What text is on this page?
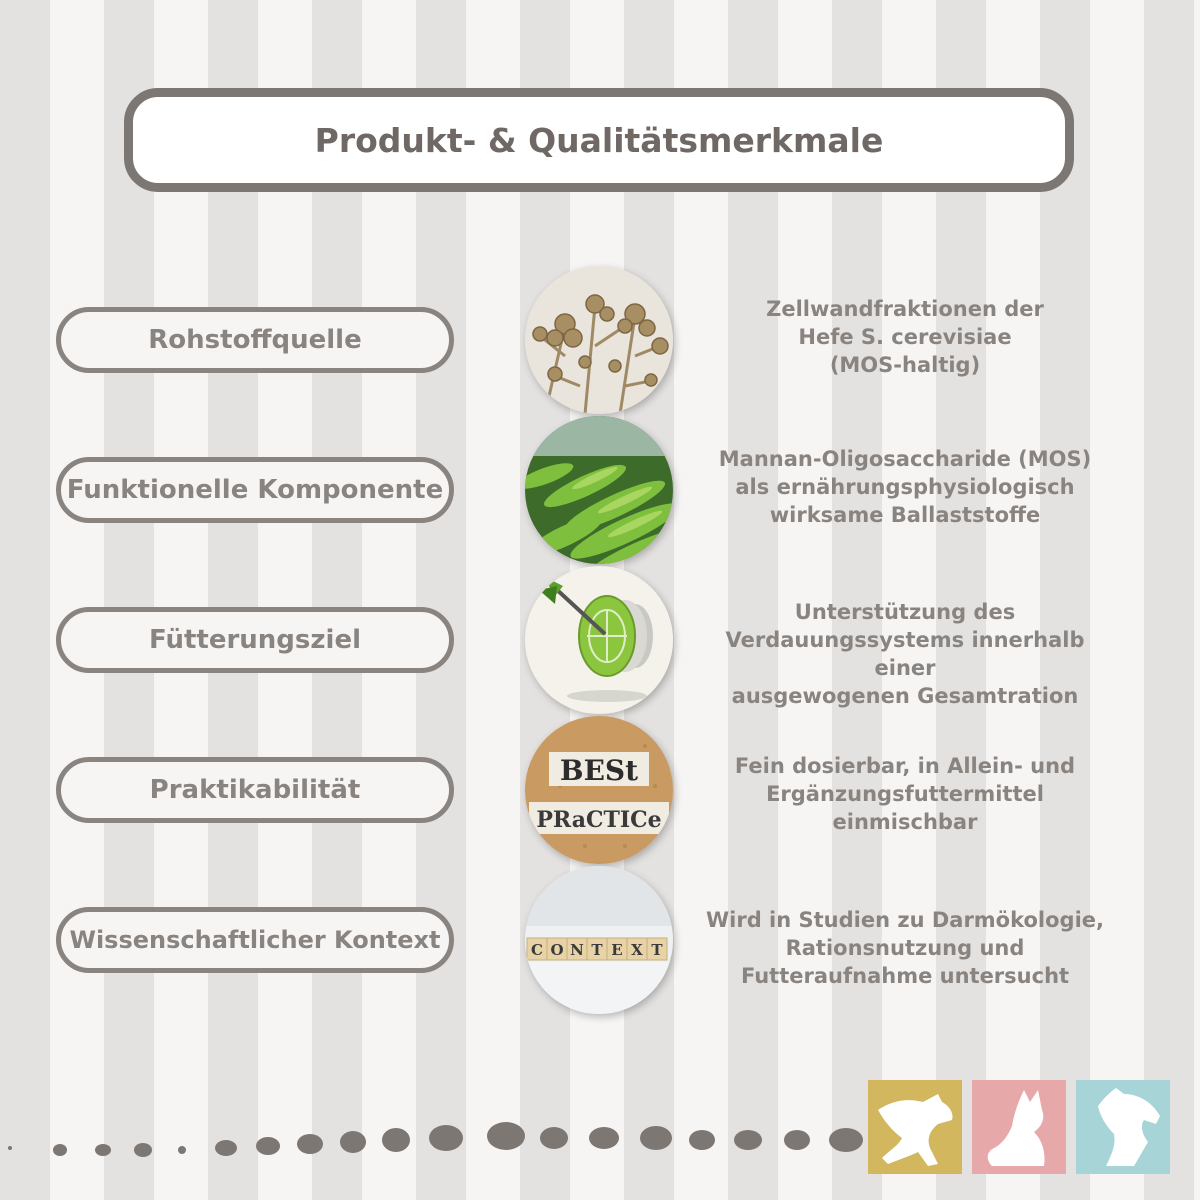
Produkt- & Qualitätsmerkmale
Rohstoffquelle
Zellwandfraktionen der
Hefe S. cerevisiae
(MOS-haltig)
Funktionelle Komponente
Mannan-Oligosaccharide (MOS)
als ernährungsphysiologisch
wirksame Ballaststoffe
Fütterungsziel
Unterstützung des
Verdauungssystems innerhalb einer
ausgewogenen Gesamtration
Praktikabilität
BESt
PRaCTICe
Fein dosierbar, in Allein- und
Ergänzungsfuttermittel
einmischbar
Wissenschaftlicher Kontext	C O N T E X T
Wird in Studien zu Darmökologie,
Rationsnutzung und
Futteraufnahme untersucht
